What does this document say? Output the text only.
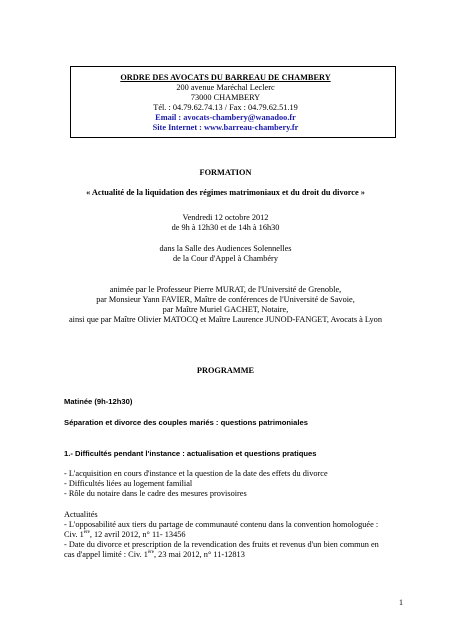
ORDRE DES AVOCATS DU BARREAU DE CHAMBERY
200 avenue Maréchal Leclerc
73000 CHAMBERY
Tél. : 04.79.62.74.13 / Fax : 04.79.62.51.19
Email : avocats-chambery@wanadoo.fr
Site Internet : www.barreau-chambery.fr
FORMATION
« Actualité de la liquidation des régimes matrimoniaux et du droit du divorce »
Vendredi 12 octobre 2012
de 9h à 12h30 et de 14h à 16h30
dans la Salle des Audiences Solennelles
de la Cour d'Appel à Chambéry
animée par le Professeur Pierre MURAT, de l'Université de Grenoble,
par Monsieur Yann FAVIER, Maître de conférences de l'Université de Savoie,
par Maître Muriel GACHET, Notaire,
ainsi que par Maître Olivier MATOCQ et Maître Laurence JUNOD-FANGET, Avocats à Lyon
PROGRAMME
Matinée (9h-12h30)
Séparation et divorce des couples mariés : questions patrimoniales
1.- Difficultés pendant l'instance : actualisation et questions pratiques
- L'acquisition en cours d'instance et la question de la date des effets du divorce
- Difficultés liées au logement familial
- Rôle du notaire dans le cadre des mesures provisoires
Actualités
- L'opposabilité aux tiers du partage de communauté contenu dans la convention homologuée :
Civ. 1ère, 12 avril 2012, n° 11- 13456
- Date du divorce et prescription de la revendication des fruits et revenus d'un bien commun en
cas d'appel limité : Civ. 1ère, 23 mai 2012, n° 11-12813
1
